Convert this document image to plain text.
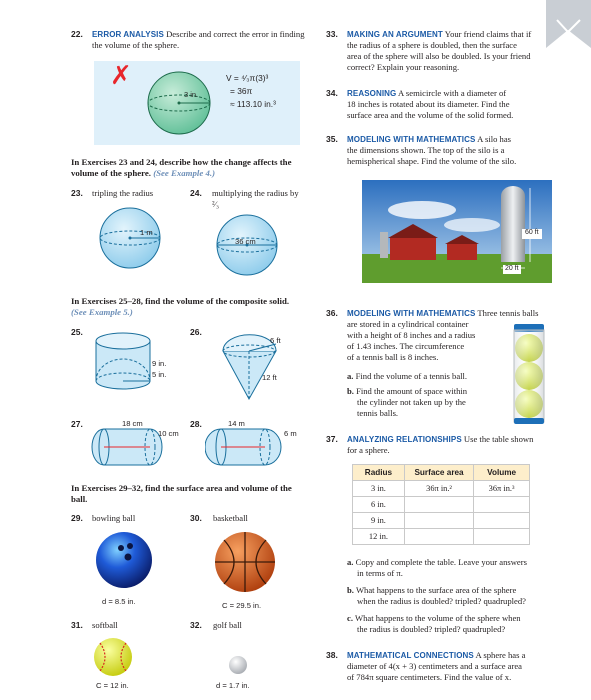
22. ERROR ANALYSIS Describe and correct the error in finding the volume of the sphere.
✗
3 in.
V = ⁴⁄₃π(3)³
= 36π
≈ 113.10 in.³
In Exercises 23 and 24, describe how the change affects the volume of the sphere. (See Example 4.)
23. tripling the radius	24. multiplying the radius by
²⁄₃
1 m
36 cm
In Exercises 25–28, find the volume of the composite solid. (See Example 5.)
25.
9 in.
5 in.
26.
6 ft
12 ft
27.	18 cm
10 cm
28.	14 m
6 m
In Exercises 29–32, find the surface area and volume of the ball.
29. bowling ball
d = 8.5 in.
30. basketball
C = 29.5 in.
31. softball
C = 12 in.
32. golf ball
d = 1.7 in.
33. MAKING AN ARGUMENT Your friend claims that if
the radius of a sphere is doubled, then the surface
area of the sphere will also be doubled. Is your friend
correct? Explain your reasoning.
34. REASONING A semicircle with a diameter of
18 inches is rotated about its diameter. Find the
surface area and the volume of the solid formed.
35. MODELING WITH MATHEMATICS A silo has
the dimensions shown. The top of the silo is a
hemispherical shape. Find the volume of the silo.
60 ft
20 ft
36. MODELING WITH MATHEMATICS Three tennis balls
are stored in a cylindrical container
with a height of 8 inches and a radius
of 1.43 inches. The circumference
of a tennis ball is 8 inches.
a. Find the volume of a tennis ball.
b. Find the amount of space within
the cylinder not taken up by the
tennis balls.
37. ANALYZING RELATIONSHIPS Use the table shown
for a sphere.
Radius	Surface area	Volume
3 in.	36π in.²	36π in.³
6 in.		
9 in.		
12 in.		
a. Copy and complete the table. Leave your answers
in terms of π.
b. What happens to the surface area of the sphere
when the radius is doubled? tripled? quadrupled?
c. What happens to the volume of the sphere when
the radius is doubled? tripled? quadrupled?
38. MATHEMATICAL CONNECTIONS A sphere has a
diameter of 4(x + 3) centimeters and a surface area
of 784π square centimeters. Find the value of x.
